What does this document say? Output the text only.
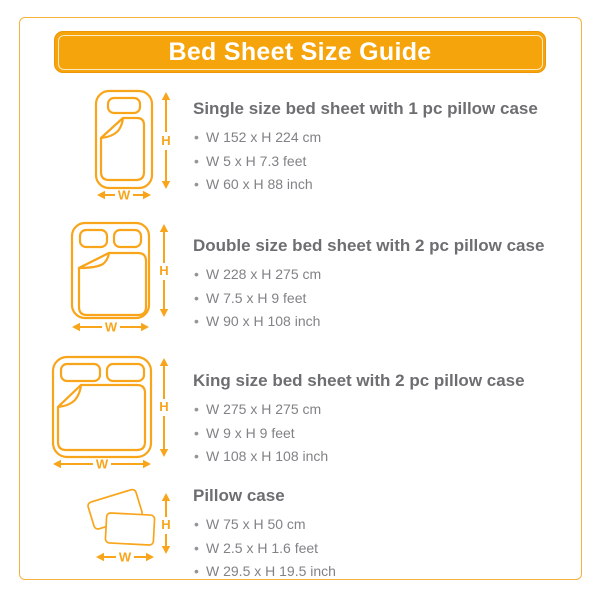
Bed Sheet Size Guide
H
W
Single size bed sheet with 1 pc pillow case
• W 152 x H 224 cm
• W 5 x H 7.3 feet
• W 60 x H 88 inch
H
W
Double size bed sheet with 2 pc pillow case
• W 228 x H 275 cm
• W 7.5 x H 9 feet
• W 90 x H 108 inch
H
W
King size bed sheet with 2 pc pillow case
• W 275 x H 275 cm
• W 9 x H 9 feet
• W 108 x H 108 inch
H
W
Pillow case
• W 75 x H 50 cm
• W 2.5 x H 1.6 feet
• W 29.5 x H 19.5 inch
